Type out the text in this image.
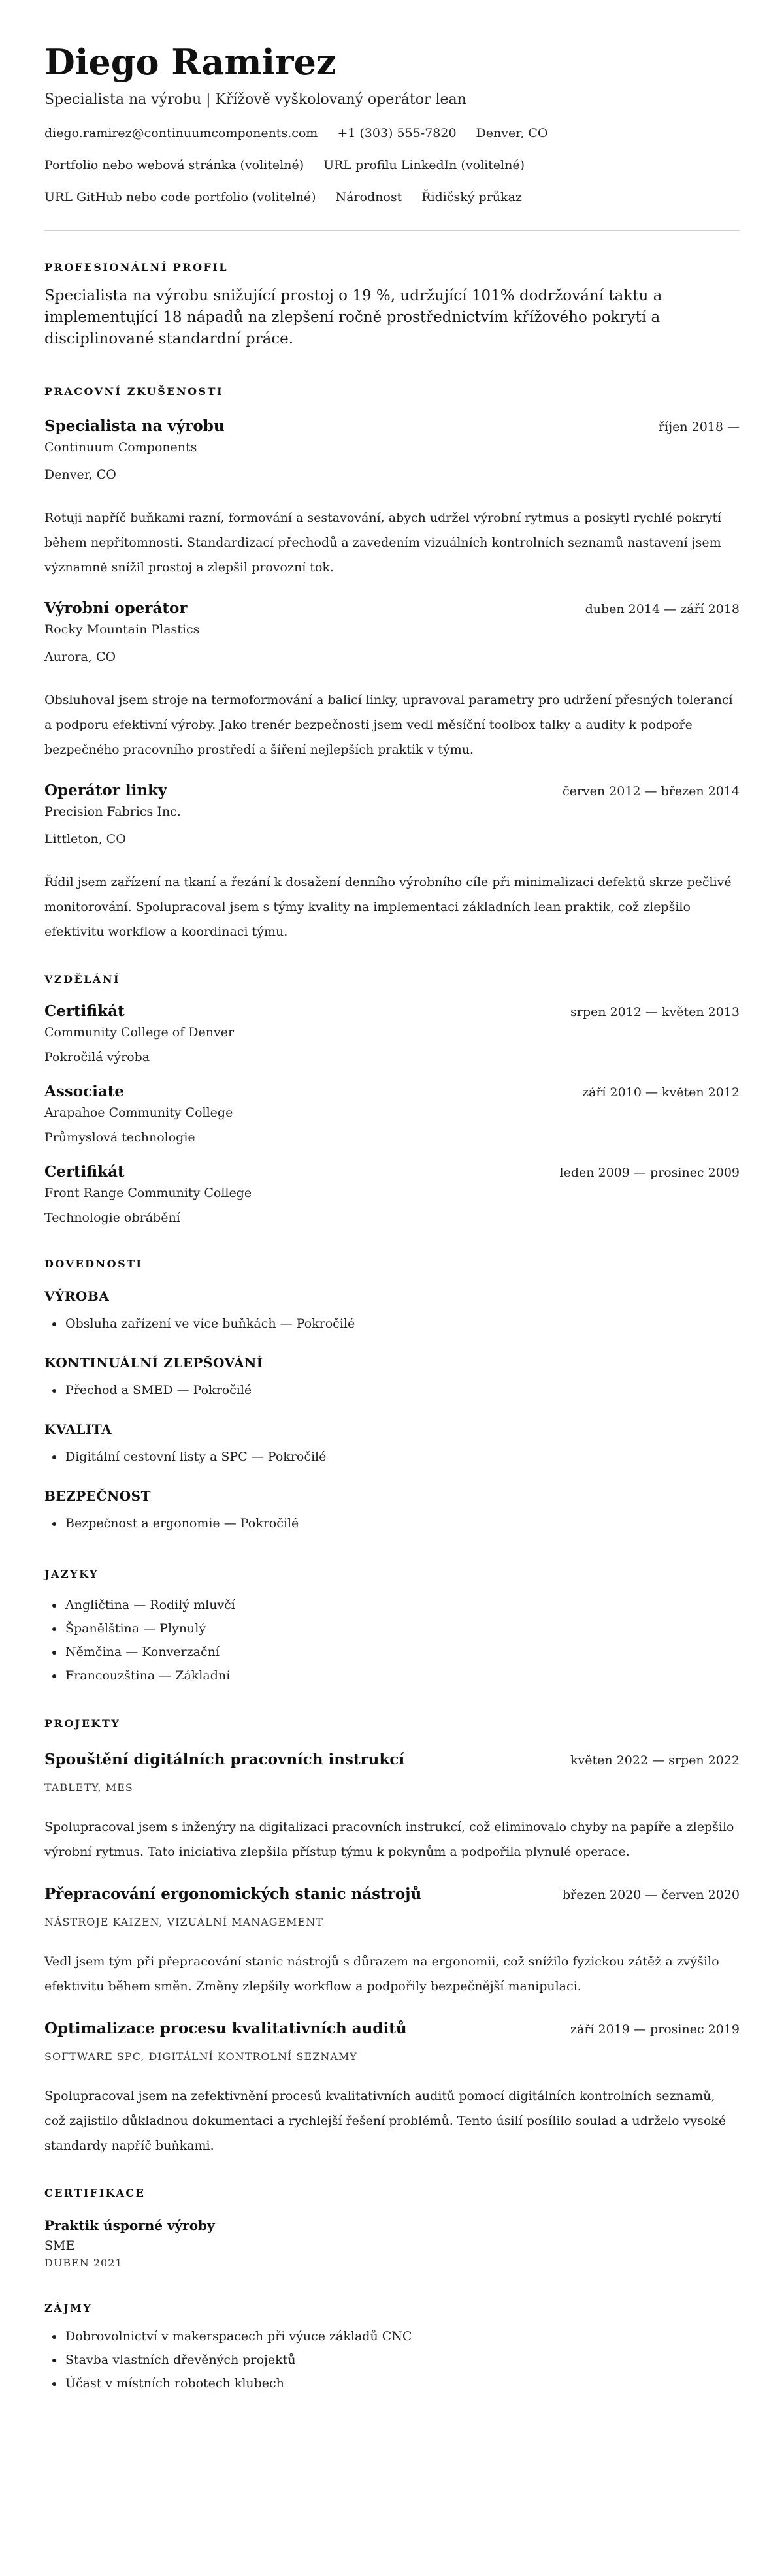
Diego Ramirez
Specialista na výrobu | Křížově vyškolovaný operátor lean
diego.ramirez@continuumcomponents.com +1 (303) 555-7820 Denver, CO
Portfolio nebo webová stránka (volitelné) URL profilu LinkedIn (volitelné)
URL GitHub nebo code portfolio (volitelné) Národnost Řidičský průkaz
PROFESIONÁLNÍ PROFIL
Specialista na výrobu snižující prostoj o 19 %, udržující 101% dodržování taktu a implementující 18 nápadů na zlepšení ročně prostřednictvím křížového pokrytí a disciplinované standardní práce.
PRACOVNÍ ZKUŠENOSTI
Specialista na výrobu	říjen 2018 —
Continuum Components
Denver, CO
Rotuji napříč buňkami razní, formování a sestavování, abych udržel výrobní rytmus a poskytl rychlé pokrytí během nepřítomnosti. Standardizací přechodů a zavedením vizuálních kontrolních seznamů nastavení jsem významně snížil prostoj a zlepšil provozní tok.
Výrobní operátor	duben 2014 — září 2018
Rocky Mountain Plastics
Aurora, CO
Obsluhoval jsem stroje na termoformování a balicí linky, upravoval parametry pro udržení přesných tolerancí a podporu efektivní výroby. Jako trenér bezpečnosti jsem vedl měsíční toolbox talky a audity k podpoře bezpečného pracovního prostředí a šíření nejlepších praktik v týmu.
Operátor linky	červen 2012 — březen 2014
Precision Fabrics Inc.
Littleton, CO
Řídil jsem zařízení na tkaní a řezání k dosažení denního výrobního cíle při minimalizaci defektů skrze pečlivé monitorování. Spolupracoval jsem s týmy kvality na implementaci základních lean praktik, což zlepšilo efektivitu workflow a koordinaci týmu.
VZDĚLÁNÍ
Certifikát	srpen 2012 — květen 2013
Community College of Denver
Pokročilá výroba
Associate	září 2010 — květen 2012
Arapahoe Community College
Průmyslová technologie
Certifikát	leden 2009 — prosinec 2009
Front Range Community College
Technologie obrábění
DOVEDNOSTI
VÝROBA
• Obsluha zařízení ve více buňkách — Pokročilé
KONTINUÁLNÍ ZLEPŠOVÁNÍ
• Přechod a SMED — Pokročilé
KVALITA
• Digitální cestovní listy a SPC — Pokročilé
BEZPEČNOST
• Bezpečnost a ergonomie — Pokročilé
JAZYKY
• Angličtina — Rodilý mluvčí
• Španělština — Plynulý
• Němčina — Konverzační
• Francouzština — Základní
PROJEKTY
Spouštění digitálních pracovních instrukcí	květen 2022 — srpen 2022
TABLETY, MES
Spolupracoval jsem s inženýry na digitalizaci pracovních instrukcí, což eliminovalo chyby na papíře a zlepšilo výrobní rytmus. Tato iniciativa zlepšila přístup týmu k pokynům a podpořila plynulé operace.
Přepracování ergonomických stanic nástrojů	březen 2020 — červen 2020
NÁSTROJE KAIZEN, VIZUÁLNÍ MANAGEMENT
Vedl jsem tým při přepracování stanic nástrojů s důrazem na ergonomii, což snížilo fyzickou zátěž a zvýšilo efektivitu během směn. Změny zlepšily workflow a podpořily bezpečnější manipulaci.
Optimalizace procesu kvalitativních auditů	září 2019 — prosinec 2019
SOFTWARE SPC, DIGITÁLNÍ KONTROLNÍ SEZNAMY
Spolupracoval jsem na zefektivnění procesů kvalitativních auditů pomocí digitálních kontrolních seznamů, což zajistilo důkladnou dokumentaci a rychlejší řešení problémů. Tento úsilí posílilo soulad a udrželo vysoké standardy napříč buňkami.
CERTIFIKACE
Praktik úsporné výroby
SME
DUBEN 2021
ZÁJMY
• Dobrovolnictví v makerspacech při výuce základů CNC
• Stavba vlastních dřevěných projektů
• Účast v místních robotech klubech
